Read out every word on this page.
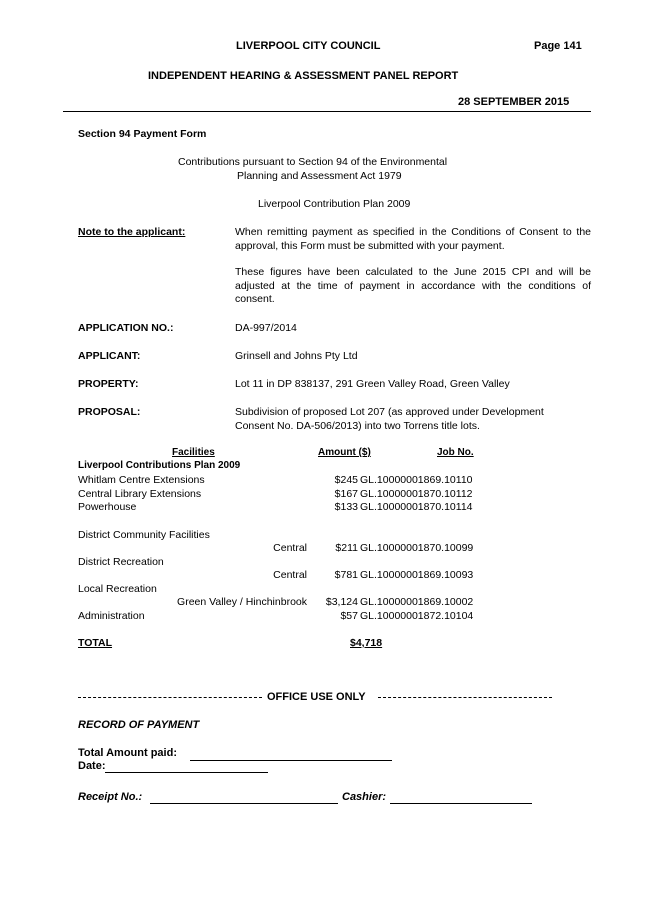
LIVERPOOL CITY COUNCIL	Page 141
INDEPENDENT HEARING & ASSESSMENT PANEL REPORT
28 SEPTEMBER 2015
Section 94 Payment Form
Contributions pursuant to Section 94 of the Environmental
Planning and Assessment Act 1979
Liverpool Contribution Plan 2009
Note to the applicant:	When remitting payment as specified in the Conditions of Consent to the approval, this Form must be submitted with your payment.
These figures have been calculated to the June 2015 CPI and will be adjusted at the time of payment in accordance with the conditions of consent.
APPLICATION NO.:	DA-997/2014
APPLICANT:	Grinsell and Johns Pty Ltd
PROPERTY:	Lot 11 in DP 838137, 291 Green Valley Road, Green Valley
PROPOSAL:	Subdivision of proposed Lot 207 (as approved under Development
Consent No. DA-506/2013) into two Torrens title lots.
Facilities	Amount ($)	Job No.
Liverpool Contributions Plan 2009
Whitlam Centre Extensions	$245 GL.10000001869.10110
Central Library Extensions	$167 GL.10000001870.10112
Powerhouse	$133 GL.10000001870.10114
District Community Facilities
Central	$211 GL.10000001870.10099
District Recreation
Central	$781 GL.10000001869.10093
Local Recreation
Green Valley / Hinchinbrook	$3,124 GL.10000001869.10002
Administration	$57 GL.10000001872.10104
TOTAL	$4,718
OFFICE USE ONLY
RECORD OF PAYMENT
Total Amount paid:
Date:
Receipt No.:	Cashier:
